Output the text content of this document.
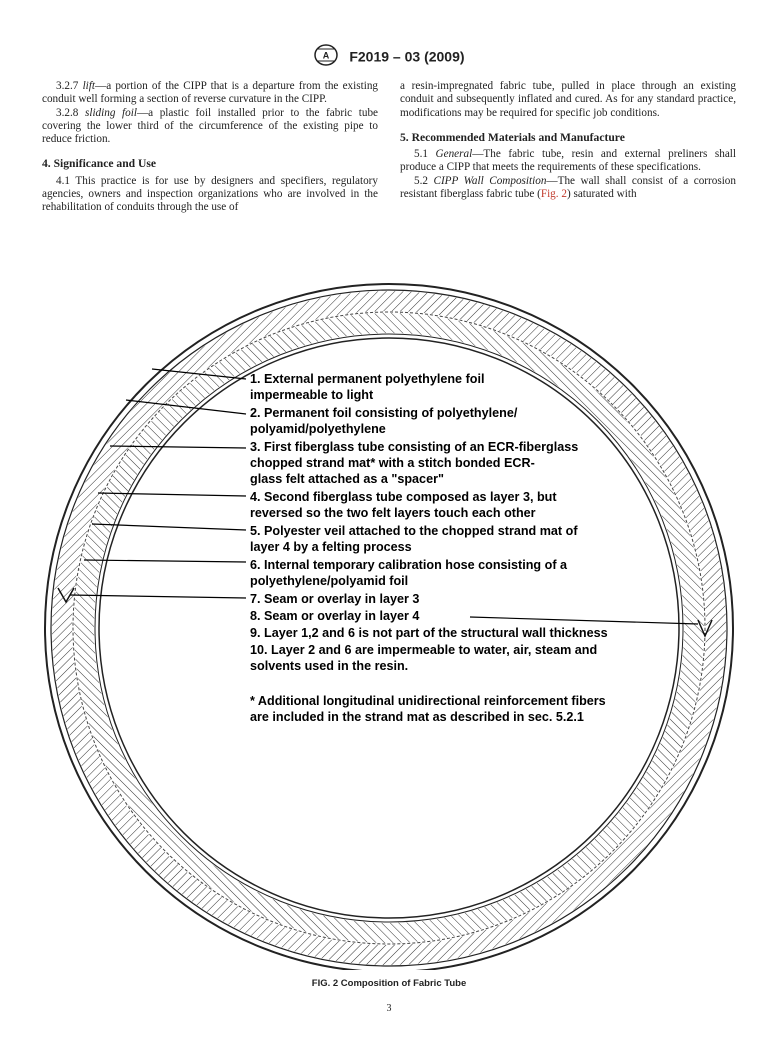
A F2019 – 03 (2009)

3.2.7 lift—a portion of the CIPP that is a departure from the existing conduit well forming a section of reverse curvature in the CIPP.

3.2.8 sliding foil—a plastic foil installed prior to the fabric tube covering the lower third of the circumference of the existing pipe to reduce friction.

4. Significance and Use

4.1 This practice is for use by designers and specifiers, regulatory agencies, owners and inspection organizations who are involved in the rehabilitation of conduits through the use of

a resin-impregnated fabric tube, pulled in place through an existing conduit and subsequently inflated and cured. As for any standard practice, modifications may be required for specific job conditions.

5. Recommended Materials and Manufacture

5.1 General—The fabric tube, resin and external preliners shall produce a CIPP that meets the requirements of these specifications.

5.2 CIPP Wall Composition—The wall shall consist of a corrosion resistant fiberglass fabric tube (Fig. 2) saturated with

1. External permanent polyethylene foil
impermeable to light
2. Permanent foil consisting of polyethylene/
polyamid/polyethylene
3. First fiberglass tube consisting of an ECR-fiberglass
chopped strand mat* with a stitch bonded ECR-
glass felt attached as a "spacer"
4. Second fiberglass tube composed as layer 3, but
reversed so the two felt layers touch each other
5. Polyester veil attached to the chopped strand mat of
layer 4 by a felting process
6. Internal temporary calibration hose consisting of a
polyethylene/polyamid foil
7. Seam or overlay in layer 3
8. Seam or overlay in layer 4
9. Layer 1,2 and 6 is not part of the structural wall thickness
10. Layer 2 and 6 are impermeable to water, air, steam and
solvents used in the resin.
* Additional longitudinal unidirectional reinforcement fibers
are included in the strand mat as described in sec. 5.2.1
FIG. 2 Composition of Fabric Tube
3
